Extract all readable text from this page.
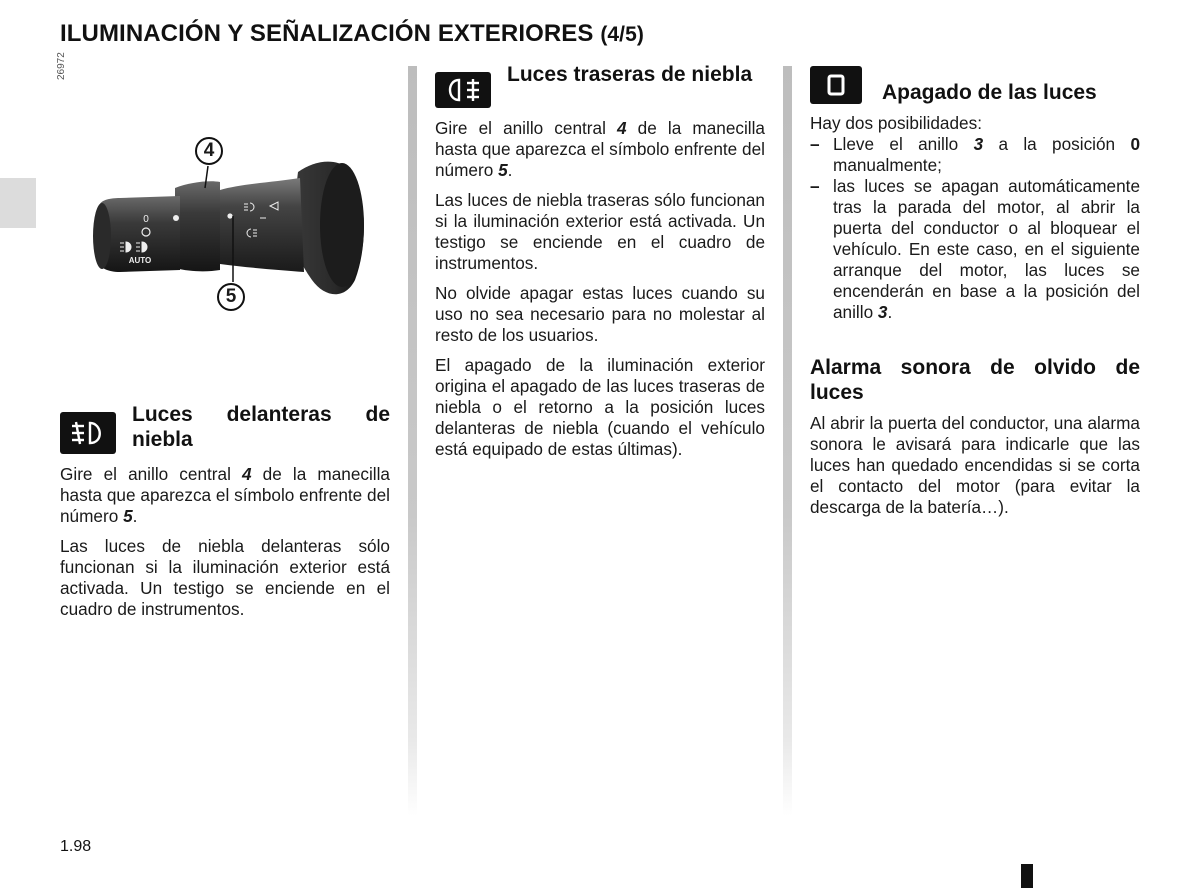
ILUMINACIÓN Y SEÑALIZACIÓN EXTERIORES (4/5)
26972
0
AUTO
4
5
Luces delanteras de niebla

Gire el anillo central 4 de la manecilla hasta que aparezca el símbolo enfrente del número 5.

Las luces de niebla delanteras sólo funcionan si la iluminación exterior está activada. Un testigo se enciende en el cuadro de instrumentos.

Luces traseras de niebla

Gire el anillo central 4 de la manecilla hasta que aparezca el símbolo enfrente del número 5.

Las luces de niebla traseras sólo funcionan si la iluminación exterior está activada. Un testigo se enciende en el cuadro de instrumentos.

No olvide apagar estas luces cuando su uso no sea necesario para no molestar al resto de los usuarios.

El apagado de la iluminación exterior origina el apagado de las luces traseras de niebla o el retorno a la posición luces delanteras de niebla (cuando el vehículo está equipado de estas últimas).

Apagado de las luces
Hay dos posibilidades:
– Lleve el anillo 3 a la posición 0 manualmente;
– las luces se apagan automáticamente tras la parada del motor, al abrir la puerta del conductor o al bloquear el vehículo. En este caso, en el siguiente arranque del motor, las luces se encenderán en base a la posición del anillo 3.
Alarma sonora de olvido de luces

Al abrir la puerta del conductor, una alarma sonora le avisará para indicarle que las luces han quedado encendidas si se corta el contacto del motor (para evitar la descarga de la batería…).

1.98
